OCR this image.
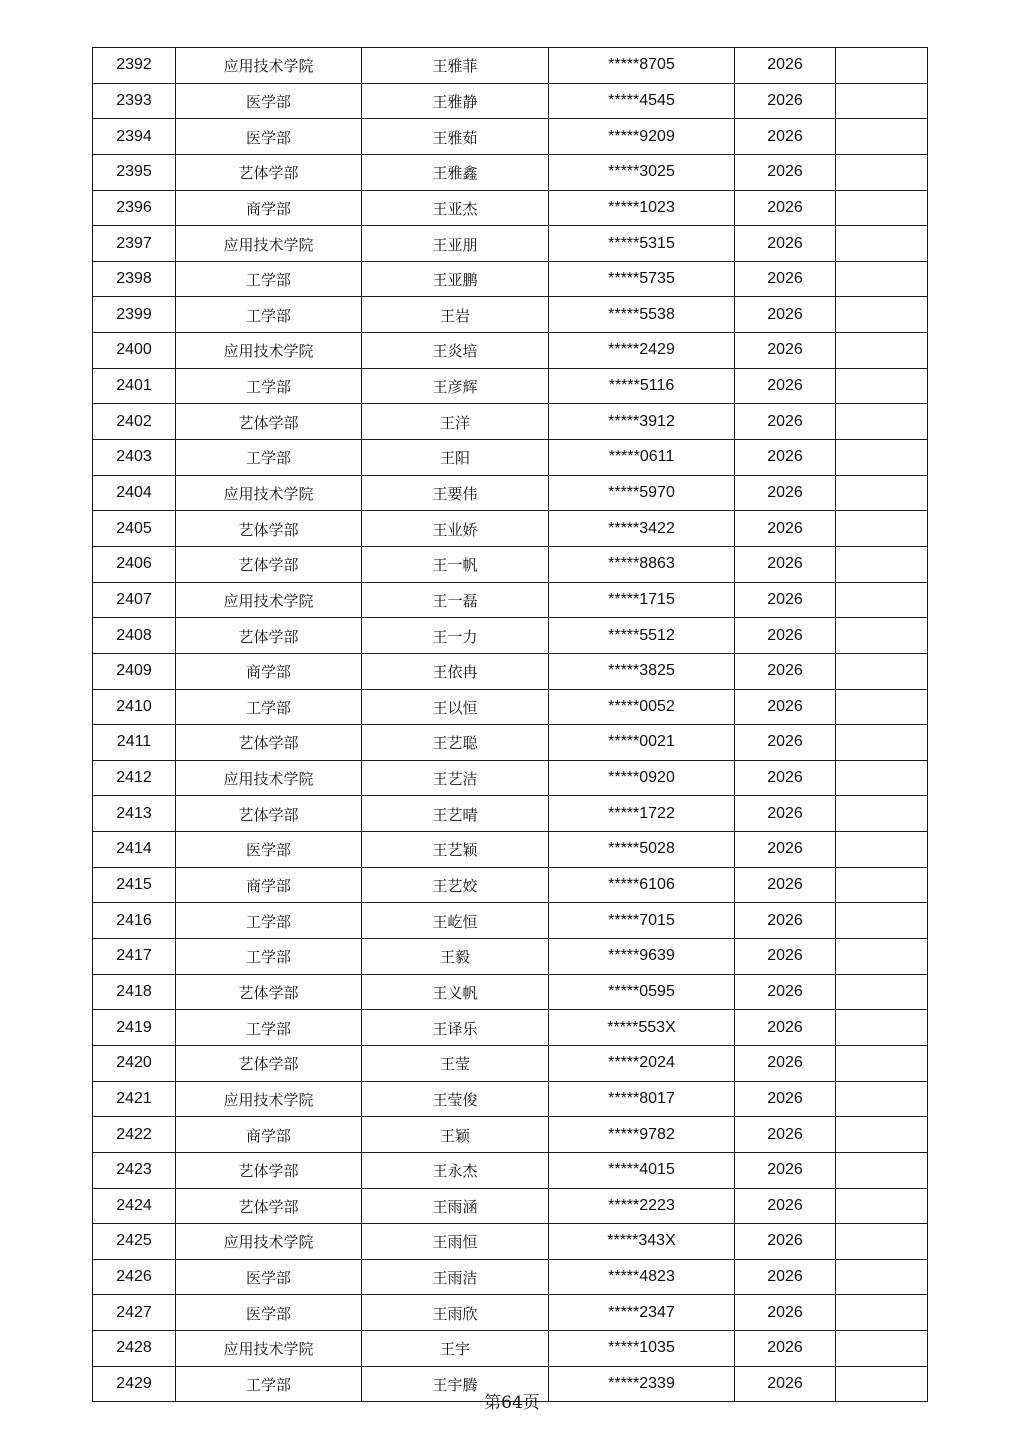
2392	应用技术学院	王雅菲	*****8705	2026	
2393	医学部	王雅静	*****4545	2026	
2394	医学部	王雅茹	*****9209	2026	
2395	艺体学部	王雅鑫	*****3025	2026	
2396	商学部	王亚杰	*****1023	2026	
2397	应用技术学院	王亚朋	*****5315	2026	
2398	工学部	王亚鹏	*****5735	2026	
2399	工学部	王岩	*****5538	2026	
2400	应用技术学院	王炎培	*****2429	2026	
2401	工学部	王彦辉	*****5116	2026	
2402	艺体学部	王洋	*****3912	2026	
2403	工学部	王阳	*****0611	2026	
2404	应用技术学院	王要伟	*****5970	2026	
2405	艺体学部	王业娇	*****3422	2026	
2406	艺体学部	王一帆	*****8863	2026	
2407	应用技术学院	王一磊	*****1715	2026	
2408	艺体学部	王一力	*****5512	2026	
2409	商学部	王依冉	*****3825	2026	
2410	工学部	王以恒	*****0052	2026	
2411	艺体学部	王艺聪	*****0021	2026	
2412	应用技术学院	王艺洁	*****0920	2026	
2413	艺体学部	王艺晴	*****1722	2026	
2414	医学部	王艺颖	*****5028	2026	
2415	商学部	王艺姣	*****6106	2026	
2416	工学部	王屹恒	*****7015	2026	
2417	工学部	王毅	*****9639	2026	
2418	艺体学部	王义帆	*****0595	2026	
2419	工学部	王译乐	*****553X	2026	
2420	艺体学部	王莹	*****2024	2026	
2421	应用技术学院	王莹俊	*****8017	2026	
2422	商学部	王颖	*****9782	2026	
2423	艺体学部	王永杰	*****4015	2026	
2424	艺体学部	王雨涵	*****2223	2026	
2425	应用技术学院	王雨恒	*****343X	2026	
2426	医学部	王雨洁	*****4823	2026	
2427	医学部	王雨欣	*****2347	2026	
2428	应用技术学院	王宇	*****1035	2026	
2429	工学部	王宇腾	*****2339	2026	
第64页
